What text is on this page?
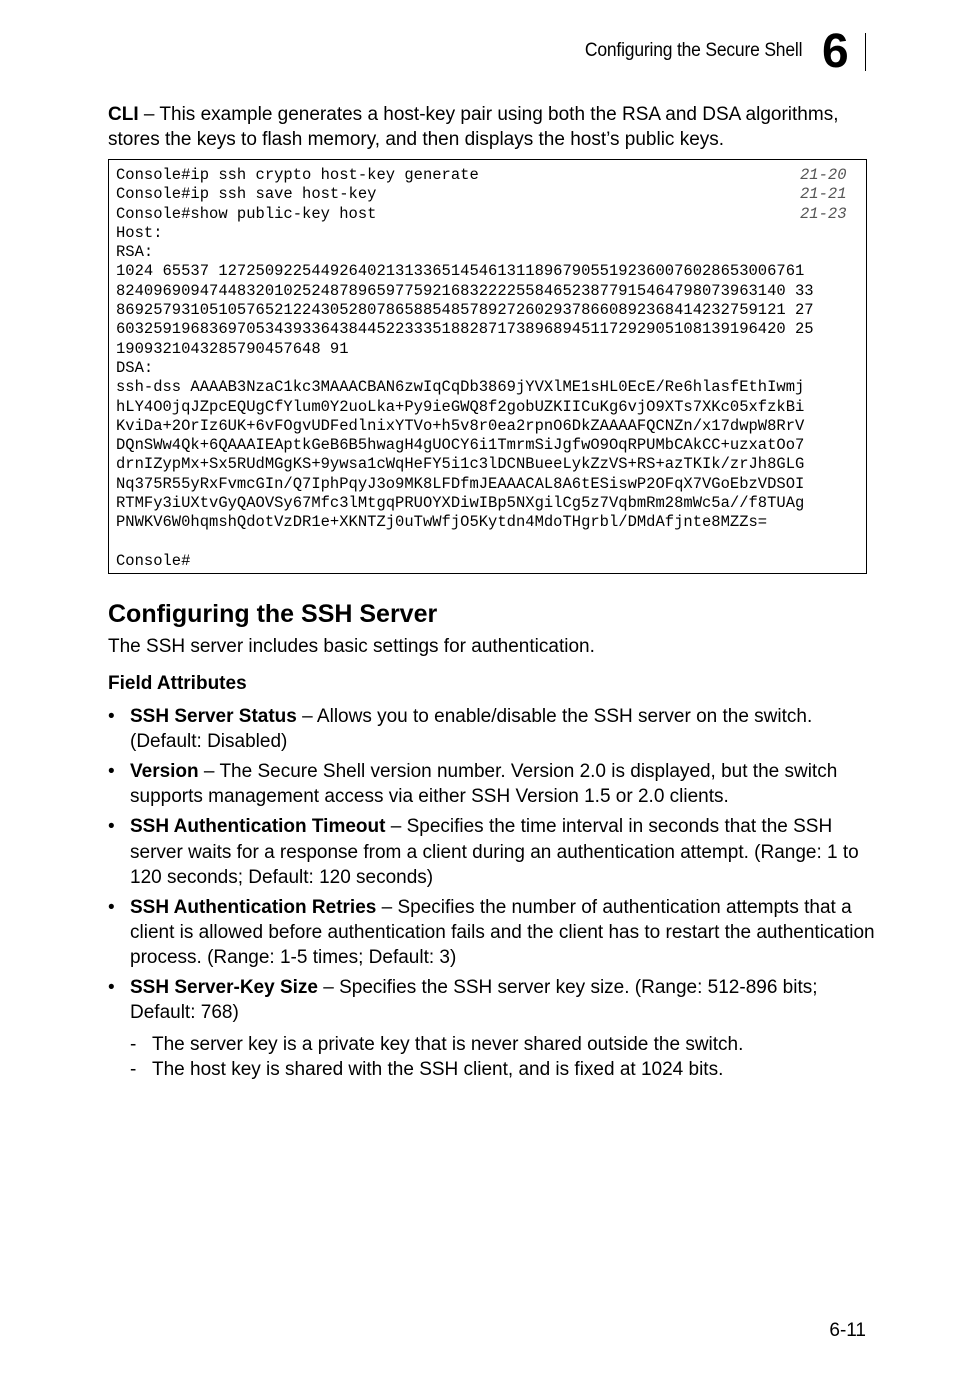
Configuring the Secure Shell 6

CLI – This example generates a host-key pair using both the RSA and DSA algorithms, stores the keys to flash memory, and then displays the host’s public keys.

Console#ip ssh crypto host-key generate	21-20
Console#ip ssh save host-key	21-21
Console#show public-key host	21-23
Host:
RSA:
1024 65537 127250922544926402131336514546131189679055192360076028653006761
824096909474483201025248789659775921683222255846523877915464798073963140 33
869257931051057652122430528078658854857892726029378660892368414232759121 27
603259196836970534393364384452233351882871738968945117292905108139196420 25
1909321043285790457648 91
DSA:
ssh-dss AAAAB3NzaC1kc3MAAACBAN6zwIqCqDb3869jYVXlME1sHL0EcE/Re6hlasfEthIwmj
hLY4O0jqJZpcEQUgCfYlum0Y2uoLka+Py9ieGWQ8f2gobUZKIICuKg6vjO9XTs7XKc05xfzkBi
KviDa+2OrIz6UK+6vFOgvUDFedlnixYTVo+h5v8r0ea2rpnO6DkZAAAAFQCNZn/x17dwpW8RrV
DQnSWw4Qk+6QAAAIEAptkGeB6B5hwagH4gUOCY6i1TmrmSiJgfwO9OqRPUMbCAkCC+uzxatOo7
drnIZypMx+Sx5RUdMGgKS+9ywsa1cWqHeFY5i1c3lDCNBueeLykZzVS+RS+azTKIk/zrJh8GLG
Nq375R55yRxFvmcGIn/Q7IphPqyJ3o9MK8LFDfmJEAAACAL8A6tESiswP2OFqX7VGoEbzVDSOI
RTMFy3iUXtvGyQAOVSy67Mfc3lMtgqPRUOYXDiwIBp5NXgilCg5z7VqbmRm28mWc5a//f8TUAg
PNWKV6W0hqmshQdotVzDR1e+XKNTZj0uTwWfjO5Kytdn4MdoTHgrbl/DMdAfjnte8MZZs=
Console#
Configuring the SSH Server
The SSH server includes basic settings for authentication.
Field Attributes
• SSH Server Status – Allows you to enable/disable the SSH server on the switch. (Default: Disabled)
• Version – The Secure Shell version number. Version 2.0 is displayed, but the switch supports management access via either SSH Version 1.5 or 2.0 clients.
• SSH Authentication Timeout – Specifies the time interval in seconds that the SSH server waits for a response from a client during an authentication attempt. (Range: 1 to 120 seconds; Default: 120 seconds)
• SSH Authentication Retries – Specifies the number of authentication attempts that a client is allowed before authentication fails and the client has to restart the authentication process. (Range: 1-5 times; Default: 3)
• SSH Server-Key Size – Specifies the SSH server key size. (Range: 512-896 bits; Default: 768)
- The server key is a private key that is never shared outside the switch.
- The host key is shared with the SSH client, and is fixed at 1024 bits.
6-11
